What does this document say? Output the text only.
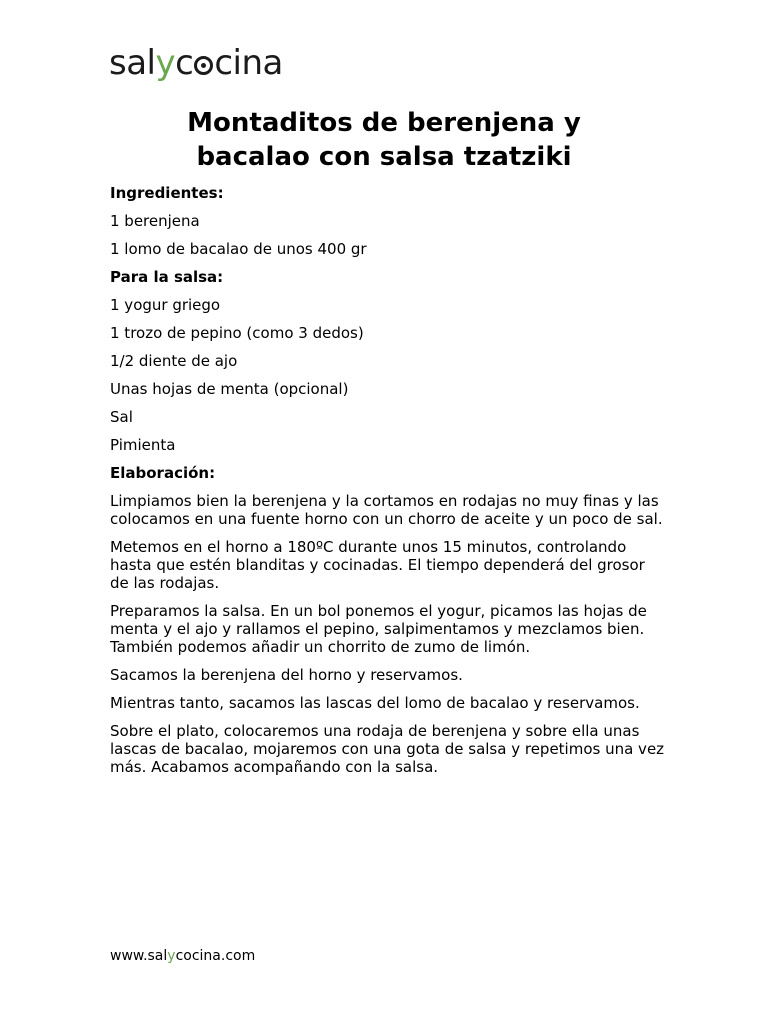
salyc cina
Montaditos de berenjena y bacalao con salsa tzatziki

Ingredientes:

1 berenjena

1 lomo de bacalao de unos 400 gr

Para la salsa:

1 yogur griego

1 trozo de pepino (como 3 dedos)

1/2 diente de ajo

Unas hojas de menta (opcional)

Sal

Pimienta

Elaboración:

Limpiamos bien la berenjena y la cortamos en rodajas no muy finas y las colocamos en una fuente horno con un chorro de aceite y un poco de sal.

Metemos en el horno a 180ºC durante unos 15 minutos, controlando hasta que estén blanditas y cocinadas. El tiempo dependerá del grosor de las rodajas.

Preparamos la salsa. En un bol ponemos el yogur, picamos las hojas de menta y el ajo y rallamos el pepino, salpimentamos y mezclamos bien. También podemos añadir un chorrito de zumo de limón.

Sacamos la berenjena del horno y reservamos.

Mientras tanto, sacamos las lascas del lomo de bacalao y reservamos.

Sobre el plato, colocaremos una rodaja de berenjena y sobre ella unas lascas de bacalao, mojaremos con una gota de salsa y repetimos una vez más. Acabamos acompañando con la salsa.

www.salycocina.com
